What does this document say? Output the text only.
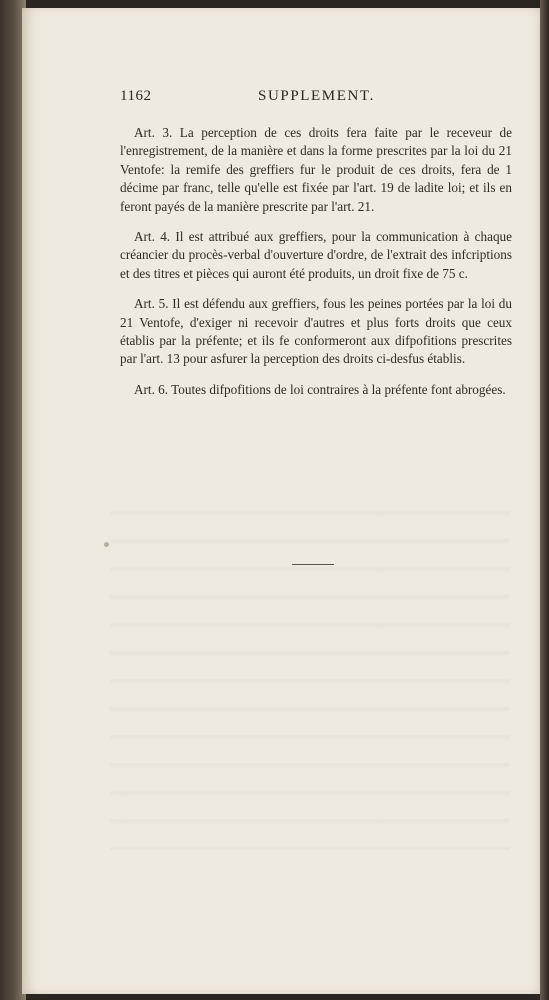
1162	SUPPLEMENT.

Art. 3. La perception de ces droits fera faite par le receveur de l'enregistrement, de la manière et dans la forme prescrites par la loi du 21 Ventofe: la remife des greffiers fur le produit de ces droits, fera de 1 décime par franc, telle qu'elle est fixée par l'art. 19 de ladite loi; et ils en feront payés de la manière prescrite par l'art. 21.

Art. 4. Il est attribué aux greffiers, pour la communication à chaque créancier du procès-verbal d'ouverture d'ordre, de l'extrait des infcriptions et des titres et pièces qui auront été produits, un droit fixe de 75 c.

Art. 5. Il est défendu aux greffiers, fous les peines portées par la loi du 21 Ventofe, d'exiger ni recevoir d'autres et plus forts droits que ceux établis par la préfente; et ils fe conformeront aux difpofitions prescrites par l'art. 13 pour asfurer la perception des droits ci-desfus établis.

Art. 6. Toutes difpofitions de loi contraires à la préfente font abrogées.
